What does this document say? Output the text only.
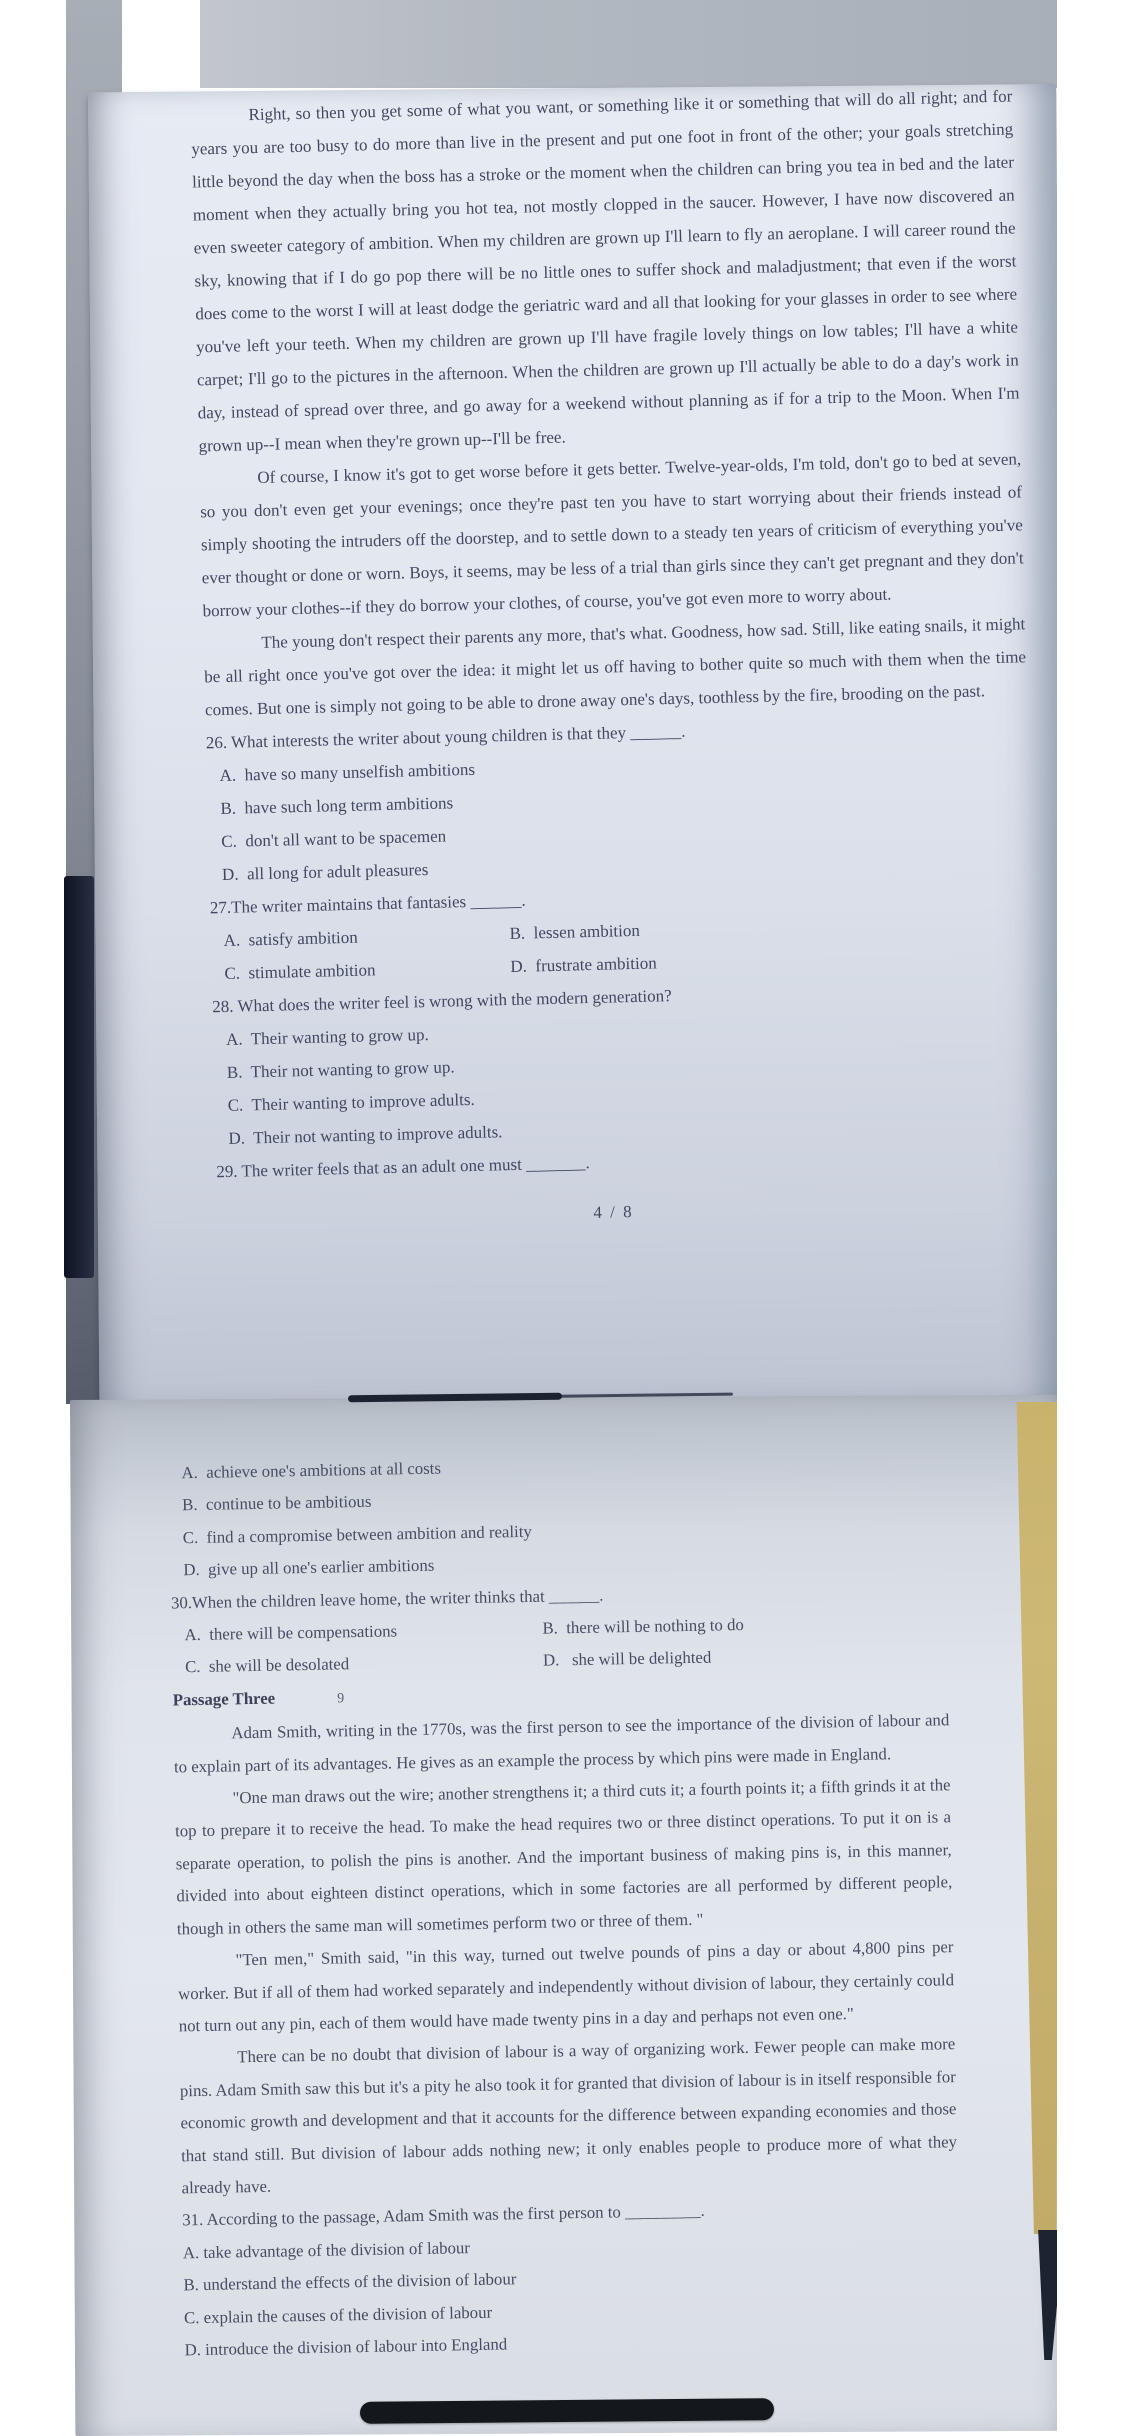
Right, so then you get some of what you want, or something like it or something that will do all right; and for years you are too busy to do more than live in the present and put one foot in front of the other; your goals stretching little beyond the day when the boss has a stroke or the moment when the children can bring you tea in bed and the later moment when they actually bring you hot tea, not mostly clopped in the saucer. However, I have now discovered an even sweeter category of ambition. When my children are grown up I'll learn to fly an aeroplane. I will career round the sky, knowing that if I do go pop there will be no little ones to suffer shock and maladjustment; that even if the worst does come to the worst I will at least dodge the geriatric ward and all that looking for your glasses in order to see where you've left your teeth. When my children are grown up I'll have fragile lovely things on low tables; I'll have a white carpet; I'll go to the pictures in the afternoon. When the children are grown up I'll actually be able to do a day's work in day, instead of spread over three, and go away for a weekend without planning as if for a trip to the Moon. When I'm grown up--I mean when they're grown up--I'll be free.

Of course, I know it's got to get worse before it gets better. Twelve-year-olds, I'm told, don't go to bed at seven, so you don't even get your evenings; once they're past ten you have to start worrying about their friends instead of simply shooting the intruders off the doorstep, and to settle down to a steady ten years of criticism of everything you've ever thought or done or worn. Boys, it seems, may be less of a trial than girls since they can't get pregnant and they don't borrow your clothes--if they do borrow your clothes, of course, you've got even more to worry about.

The young don't respect their parents any more, that's what. Goodness, how sad. Still, like eating snails, it might be all right once you've got over the idea: it might let us off having to bother quite so much with them when the time comes. But one is simply not going to be able to drone away one's days, toothless by the fire, brooding on the past.

26. What interests the writer about young children is that they ______.

A.  have so many unselfish ambitions

B.  have such long term ambitions

C.  don't all want to be spacemen

D.  all long for adult pleasures

27.The writer maintains that fantasies ______.

A.  satisfy ambition	B.  lessen ambition

C.  stimulate ambition	D.  frustrate ambition

28. What does the writer feel is wrong with the modern generation?

A.  Their wanting to grow up.

B.  Their not wanting to grow up.

C.  Their wanting to improve adults.

D.  Their not wanting to improve adults.

29. The writer feels that as an adult one must _______.

4 / 8

A.  achieve one's ambitions at all costs

B.  continue to be ambitious

C.  find a compromise between ambition and reality

D.  give up all one's earlier ambitions

30.When the children leave home, the writer thinks that ______.

A.  there will be compensations	B.  there will be nothing to do

C.  she will be desolated	D.   she will be delighted

Passage Three	9

Adam Smith, writing in the 1770s, was the first person to see the importance of the division of labour and to explain part of its advantages. He gives as an example the process by which pins were made in England.

"One man draws out the wire; another strengthens it; a third cuts it; a fourth points it; a fifth grinds it at the top to prepare it to receive the head. To make the head requires two or three distinct operations. To put it on is a separate operation, to polish the pins is another. And the important business of making pins is, in this manner, divided into about eighteen distinct operations, which in some factories are all performed by different people, though in others the same man will sometimes perform two or three of them. "

"Ten men," Smith said, "in this way, turned out twelve pounds of pins a day or about 4,800 pins per worker. But if all of them had worked separately and independently without division of labour, they certainly could not turn out any pin, each of them would have made twenty pins in a day and perhaps not even one."

There can be no doubt that division of labour is a way of organizing work. Fewer people can make more pins. Adam Smith saw this but it's a pity he also took it for granted that division of labour is in itself responsible for economic growth and development and that it accounts for the difference between expanding economies and those that stand still. But division of labour adds nothing new; it only enables people to produce more of what they already have.

31. According to the passage, Adam Smith was the first person to _________.

A. take advantage of the division of labour

B. understand the effects of the division of labour

C. explain the causes of the division of labour

D. introduce the division of labour into England
